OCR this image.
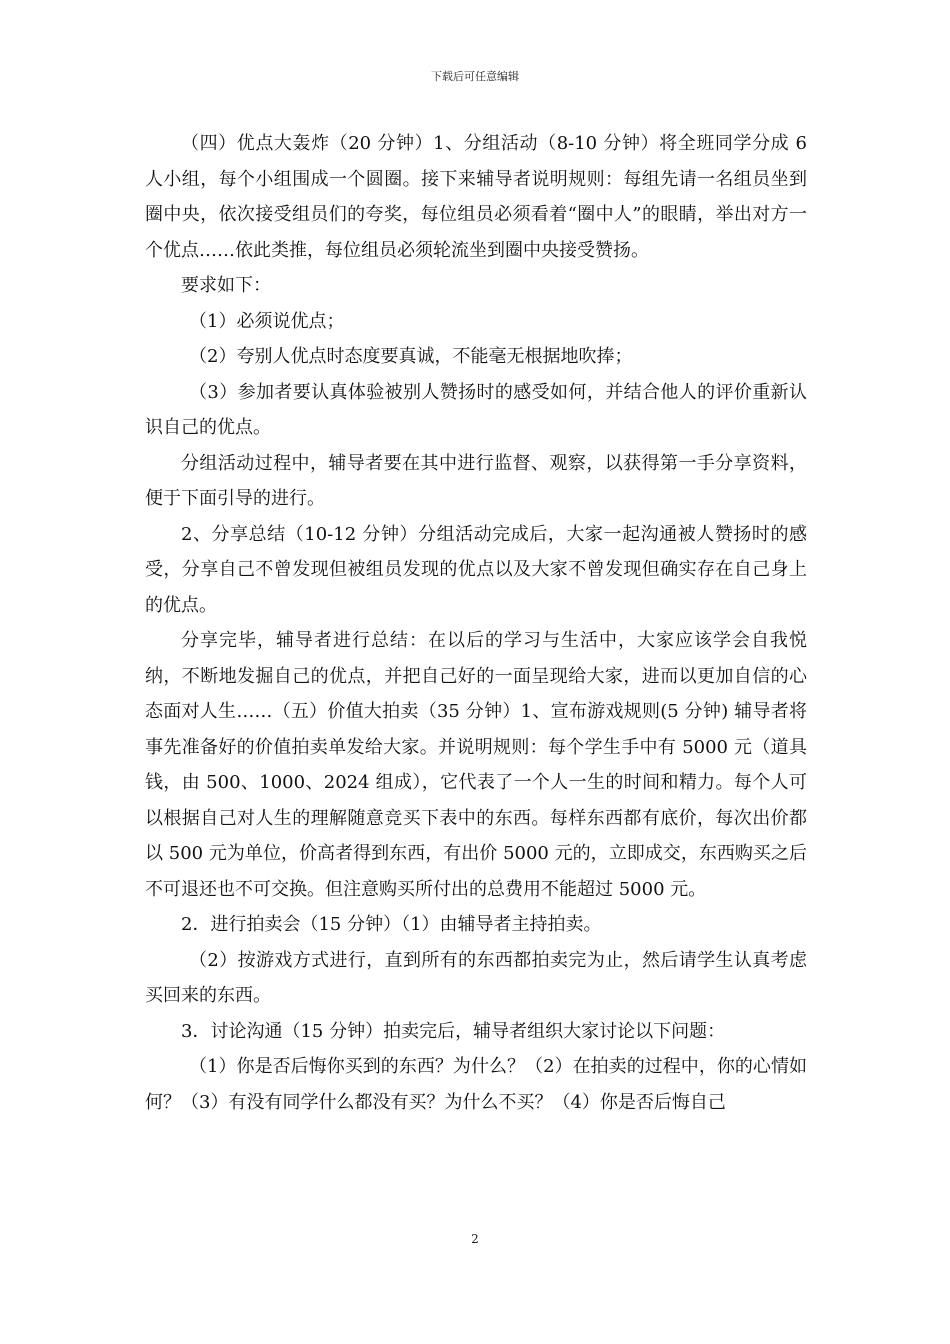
下载后可任意编辑

（四）优点大轰炸（20 分钟）1、分组活动（8-10 分钟）将全班同学分成 6 人小组，每个小组围成一个圆圈。接下来辅导者说明规则：每组先请一名组员坐到圈中央，依次接受组员们的夸奖，每位组员必须看着“圈中人”的眼睛，举出对方一个优点……依此类推，每位组员必须轮流坐到圈中央接受赞扬。

要求如下：

（1）必须说优点；

（2）夸别人优点时态度要真诚，不能毫无根据地吹捧；

（3）参加者要认真体验被别人赞扬时的感受如何，并结合他人的评价重新认识自己的优点。

分组活动过程中，辅导者要在其中进行监督、观察，以获得第一手分享资料，便于下面引导的进行。

2、分享总结（10-12 分钟）分组活动完成后，大家一起沟通被人赞扬时的感受，分享自己不曾发现但被组员发现的优点以及大家不曾发现但确实存在自己身上的优点。

分享完毕，辅导者进行总结：在以后的学习与生活中，大家应该学会自我悦纳，不断地发掘自己的优点，并把自己好的一面呈现给大家，进而以更加自信的心态面对人生……（五）价值大拍卖（35 分钟）1、宣布游戏规则(5 分钟) 辅导者将事先准备好的价值拍卖单发给大家。并说明规则：每个学生手中有 5000 元（道具钱，由 500、1000、2024 组成），它代表了一个人一生的时间和精力。每个人可以根据自己对人生的理解随意竞买下表中的东西。每样东西都有底价，每次出价都以 500 元为单位，价高者得到东西，有出价 5000 元的，立即成交，东西购买之后不可退还也不可交换。但注意购买所付出的总费用不能超过 5000 元。

2．进行拍卖会（15 分钟）（1）由辅导者主持拍卖。

（2）按游戏方式进行，直到所有的东西都拍卖完为止，然后请学生认真考虑买回来的东西。

3．讨论沟通（15 分钟）拍卖完后，辅导者组织大家讨论以下问题：

（1）你是否后悔你买到的东西？为什么？（2）在拍卖的过程中，你的心情如何？（3）有没有同学什么都没有买？为什么不买？（4）你是否后悔自己

2
